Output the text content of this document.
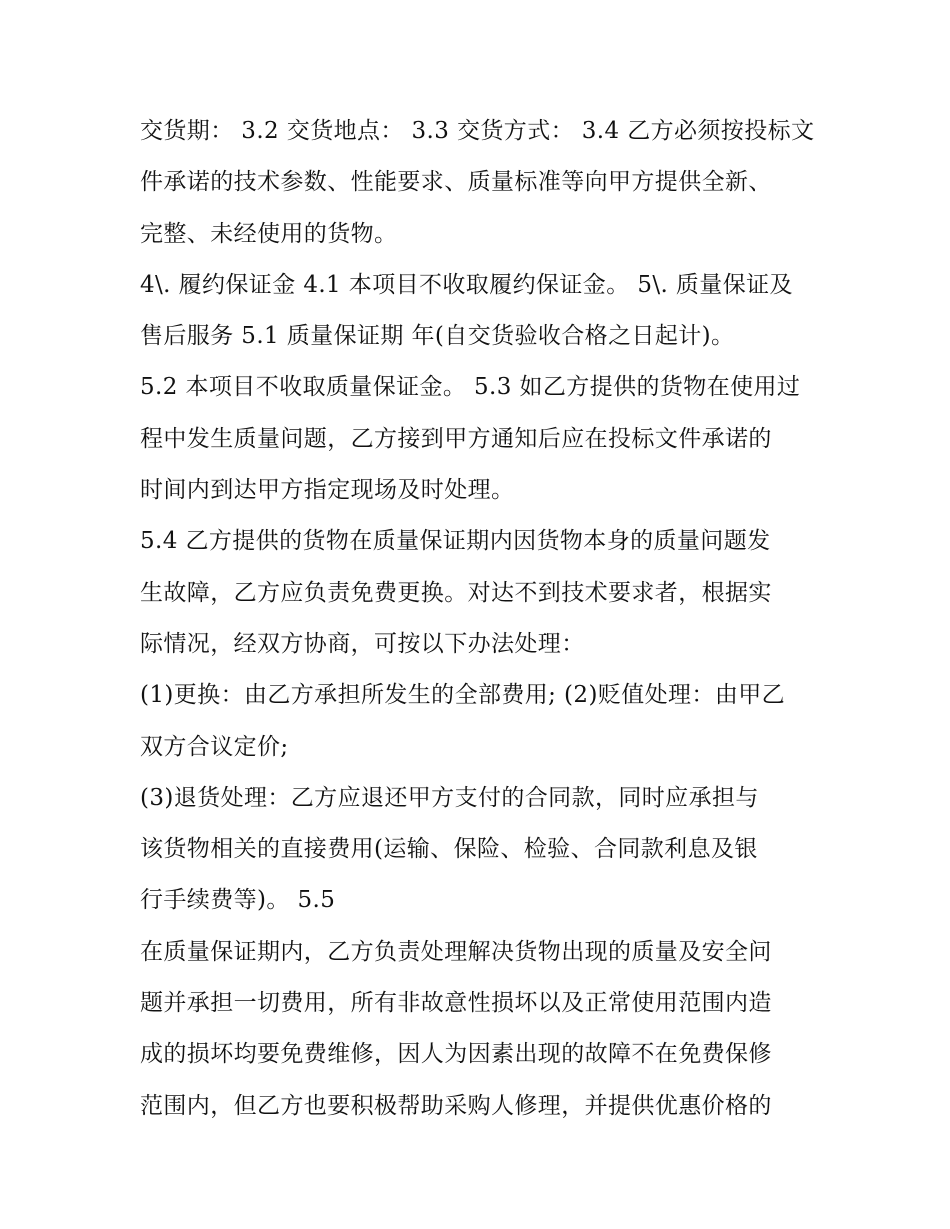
交货期： 3.2 交货地点： 3.3 交货方式： 3.4 乙方必须按投标文
件承诺的技术参数、性能要求、质量标准等向甲方提供全新、
完整、未经使用的货物。
4\. 履约保证金 4.1 本项目不收取履约保证金。 5\. 质量保证及
售后服务 5.1 质量保证期 年(自交货验收合格之日起计)。
5.2 本项目不收取质量保证金。 5.3 如乙方提供的货物在使用过
程中发生质量问题，乙方接到甲方通知后应在投标文件承诺的
时间内到达甲方指定现场及时处理。
5.4 乙方提供的货物在质量保证期内因货物本身的质量问题发
生故障，乙方应负责免费更换。对达不到技术要求者，根据实
际情况，经双方协商，可按以下办法处理：
(1)更换：由乙方承担所发生的全部费用; (2)贬值处理：由甲乙
双方合议定价;
(3)退货处理：乙方应退还甲方支付的合同款，同时应承担与
该货物相关的直接费用(运输、保险、检验、合同款利息及银
行手续费等)。 5.5
在质量保证期内，乙方负责处理解决货物出现的质量及安全问
题并承担一切费用，所有非故意性损坏以及正常使用范围内造
成的损坏均要免费维修，因人为因素出现的故障不在免费保修
范围内，但乙方也要积极帮助采购人修理，并提供优惠价格的
